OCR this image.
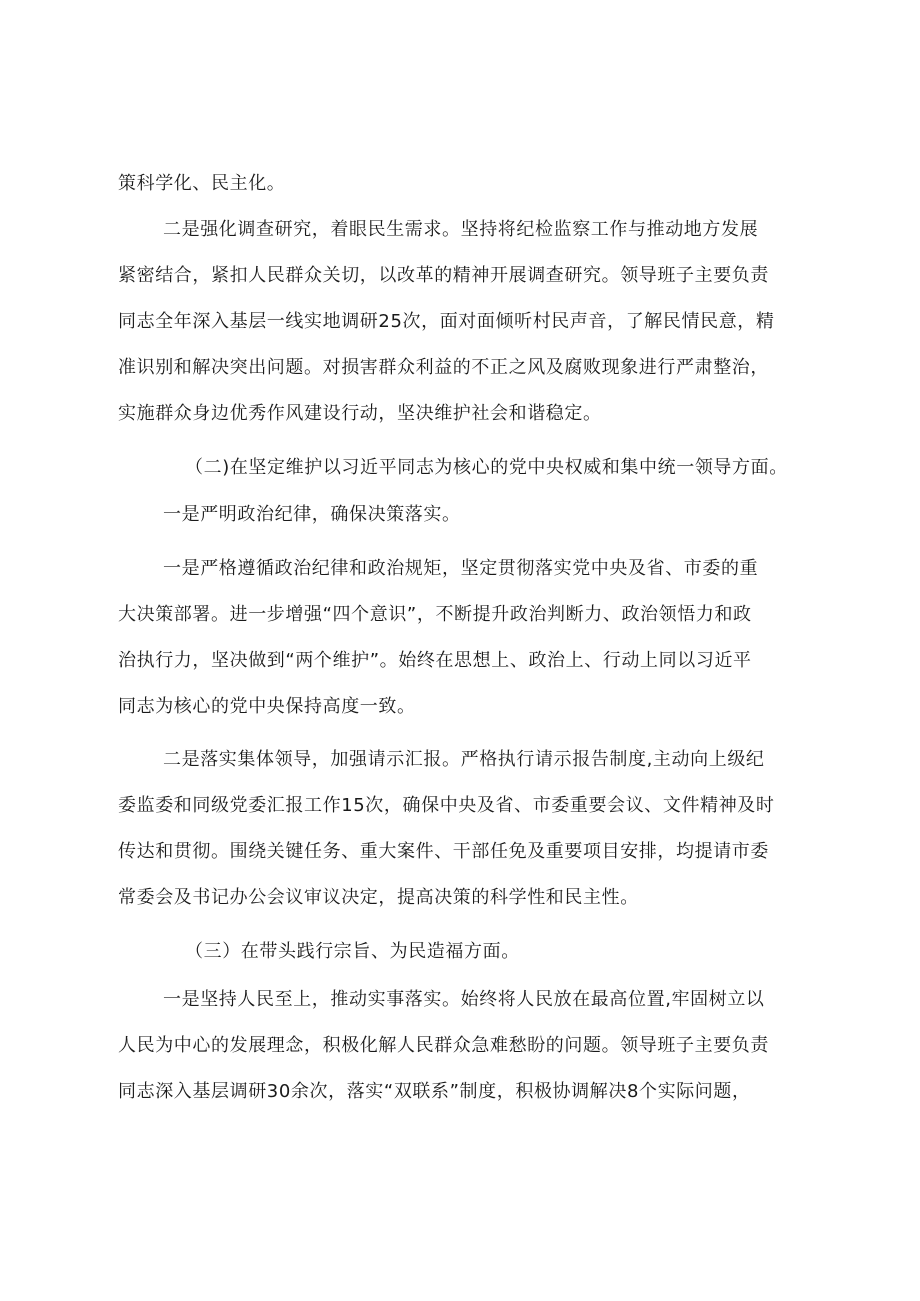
策科学化、民主化。

二是强化调查研究，着眼民生需求。坚持将纪检监察工作与推动地方发展

紧密结合，紧扣人民群众关切，以改革的精神开展调查研究。领导班子主要负责

同志全年深入基层一线实地调研25次，面对面倾听村民声音，了解民情民意，精

准识别和解决突出问题。对损害群众利益的不正之风及腐败现象进行严肃整治，

实施群众身边优秀作风建设行动，坚决维护社会和谐稳定。

（二)在坚定维护以习近平同志为核心的党中央权威和集中统一领导方面。

一是严明政治纪律，确保决策落实。

一是严格遵循政治纪律和政治规矩，坚定贯彻落实党中央及省、市委的重

大决策部署。进一步增强“四个意识”，不断提升政治判断力、政治领悟力和政

治执行力，坚决做到“两个维护”。始终在思想上、政治上、行动上同以习近平

同志为核心的党中央保持高度一致。

二是落实集体领导，加强请示汇报。严格执行请示报告制度,主动向上级纪

委监委和同级党委汇报工作15次，确保中央及省、市委重要会议、文件精神及时

传达和贯彻。围绕关键任务、重大案件、干部任免及重要项目安排，均提请市委

常委会及书记办公会议审议决定，提高决策的科学性和民主性。

（三）在带头践行宗旨、为民造福方面。

一是坚持人民至上，推动实事落实。始终将人民放在最高位置,牢固树立以

人民为中心的发展理念，积极化解人民群众急难愁盼的问题。领导班子主要负责

同志深入基层调研30余次，落实“双联系”制度，积极协调解决8个实际问题，
